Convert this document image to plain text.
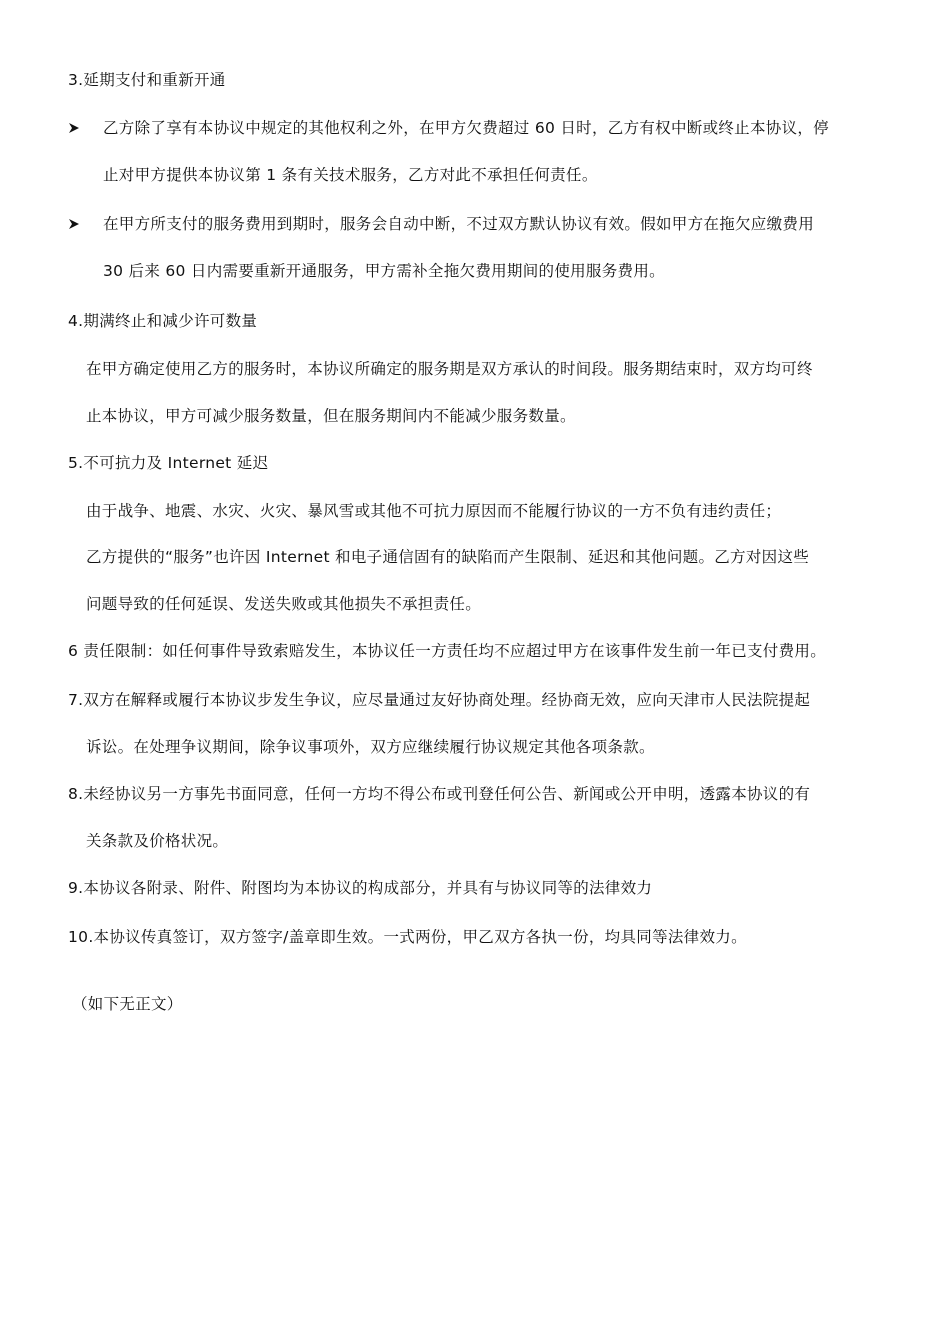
3.延期支付和重新开通
乙方除了享有本协议中规定的其他权利之外，在甲方欠费超过 60 日时，乙方有权中断或终止本协议，停
止对甲方提供本协议第 1 条有关技术服务，乙方对此不承担任何责任。
在甲方所支付的服务费用到期时，服务会自动中断，不过双方默认协议有效。假如甲方在拖欠应缴费用
30 后来 60 日内需要重新开通服务，甲方需补全拖欠费用期间的使用服务费用。
4.期满终止和减少许可数量
在甲方确定使用乙方的服务时，本协议所确定的服务期是双方承认的时间段。服务期结束时，双方均可终
止本协议，甲方可减少服务数量，但在服务期间内不能减少服务数量。
5.不可抗力及 Internet 延迟
由于战争、地震、水灾、火灾、暴风雪或其他不可抗力原因而不能履行协议的一方不负有违约责任；
乙方提供的“服务”也许因 Internet 和电子通信固有的缺陷而产生限制、延迟和其他问题。乙方对因这些
问题导致的任何延误、发送失败或其他损失不承担责任。
6 责任限制：如任何事件导致索赔发生，本协议任一方责任均不应超过甲方在该事件发生前一年已支付费用。
7.双方在解释或履行本协议步发生争议，应尽量通过友好协商处理。经协商无效，应向天津市人民法院提起
诉讼。在处理争议期间，除争议事项外，双方应继续履行协议规定其他各项条款。
8.未经协议另一方事先书面同意，任何一方均不得公布或刊登任何公告、新闻或公开申明，透露本协议的有
关条款及价格状况。
9.本协议各附录、附件、附图均为本协议的构成部分，并具有与协议同等的法律效力
10.本协议传真签订，双方签字/盖章即生效。一式两份，甲乙双方各执一份，均具同等法律效力。
（如下无正文）
